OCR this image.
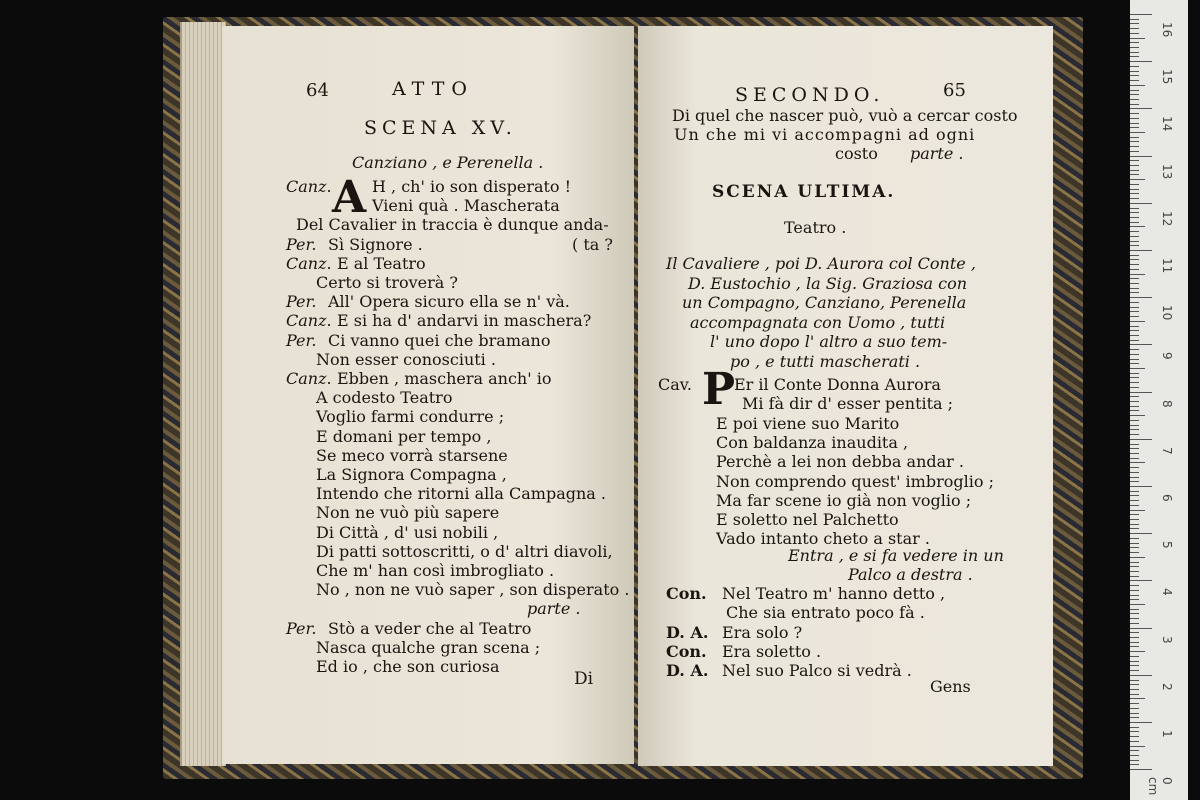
64	ATTO
SCENA XV.
Canziano , e Perenella .
A
Canz.	H , ch' io son disperato !
Vieni quà . Mascherata
Del Cavalier in traccia è dunque anda-
Per. Sì Signore .	( ta ?
Canz. E al Teatro
Certo si troverà ?
Per. All' Opera sicuro ella se n' và.
Canz. E si ha d' andarvi in maschera?
Per. Ci vanno quei che bramano
Non esser conosciuti .
Canz. Ebben , maschera anch' io
A codesto Teatro
Voglio farmi condurre ;
E domani per tempo ,
Se meco vorrà starsene
La Signora Compagna ,
Intendo che ritorni alla Campagna .
Non ne vuò più sapere
Di Città , d' usi nobili ,
Di patti sottoscritti, o d' altri diavoli,
Che m' han così imbrogliato .
No , non ne vuò saper , son disperato .
parte .
Per. Stò a veder che al Teatro
Nasca qualche gran scena ;
Ed io , che son curiosa
Di
SECONDO.	65
Di quel che nascer può, vuò a cercar costo
Un che mi vi accompagni ad ogni
costo parte .
SCENA ULTIMA.
Teatro .
Il Cavaliere , poi D. Aurora col Conte ,
D. Eustochio , la Sig. Graziosa con
un Compagno, Canziano, Perenella
accompagnata con Uomo , tutti
l' uno dopo l' altro a suo tem-
po , e tutti mascherati .
Cav. P
Er il Conte Donna Aurora
Mi fà dir d' esser pentita ;
E poi viene suo Marito
Con baldanza inaudita ,
Perchè a lei non debba andar .
Non comprendo quest' imbroglio ;
Ma far scene io già non voglio ;
E soletto nel Palchetto
Vado intanto cheto a star .
Entra , e si fa vedere in un
Palco a destra .
Con. Nel Teatro m' hanno detto ,
Che sia entrato poco fà .
D. A. Era solo ?
Con. Era soletto .
D. A. Nel suo Palco si vedrà .
Gens
16
15
14
13
12
11
10
9
8
7
6
5
4
3
2
1
0 cm
